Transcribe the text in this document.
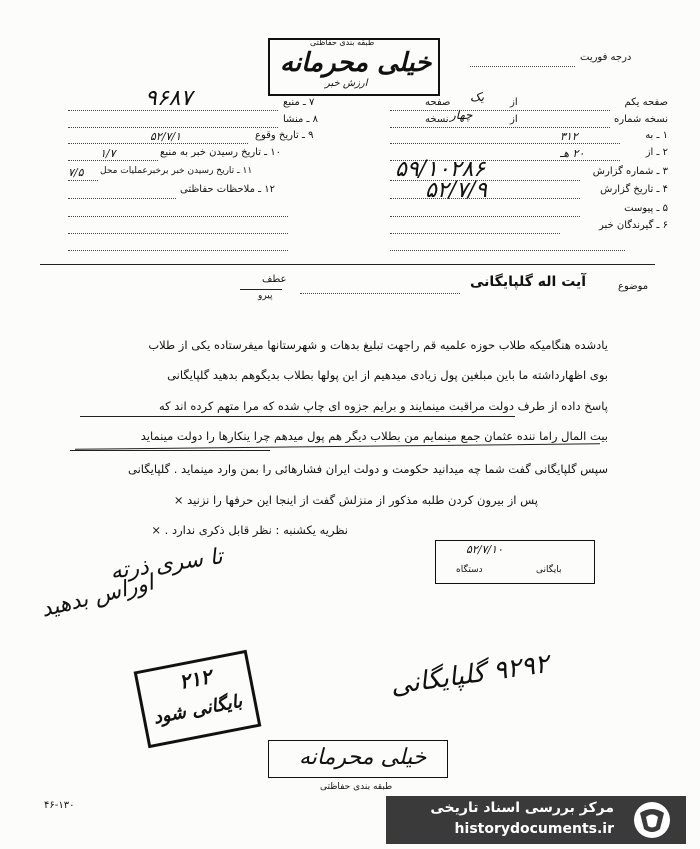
طبقه بندی حفاظتی
خیلی محرمانه
ارزش خبر
درجه فوریت
صفحه یکم
از
یک
صفحه
نسخه شماره
از
چهار
نسخه
۱ ـ به
۳۱۲
۲ ـ از
۲۰ هـ
۳ ـ شماره گزارش
۵۹/۱۰۲۸۶
۴ ـ تاریخ گزارش
۵۲/۷/۹
۵ ـ پیوست
۶ ـ گیرندگان خبر
۷ ـ منبع
۹۶۸۷
۸ ـ منشا
۹ ـ تاریخ وقوع
۵۲/۷/۱
۱۰ ـ تاریخ رسیدن خبر به منبع
۱/۷
۱۱ ـ تاریخ رسیدن خبر برخبرعملیات محل
۷/۵
۱۲ ـ ملاحظات حفاظتی
موضوع
آیت اله گلپایگانی
عطف
پیرو
یادشده هنگامیکه طلاب حوزه علمیه قم راجهت تبلیغ بدهات و شهرستانها میفرستاده یکی از طلاب
بوی اظهارداشته ما باین مبلغین پول زیادی میدهیم از این پولها بطلاب بدیگوهم بدهید گلپایگانی
پاسخ داده از طرف دولت مراقبت مینمایند و برایم جزوه ای چاپ شده که مرا متهم کرده اند که
بیت المال راما ننده عثمان جمع مینمایم من بطلاب دیگر هم پول میدهم چرا ینکارها را دولت مینماید
سپس گلپایگانی گفت شما چه میدانید حکومت و دولت ایران فشارهائی را بمن وارد مینماید . گلپایگانی
پس از بیرون کردن طلبه مذکور از منزلش گفت از اینجا این حرفها را نزنید ×
نظریه یکشنبه : نظر قابل ذکری ندارد . ×
۵۲/۷/۱۰
بایگانی
دستگاه
تا سری ذرته
اوراس بدهید
۹۲۹۲ گلپایگانی
۲۱۲
بایگانی شود
خیلی محرمانه
طبقه بندی حفاظتی
۴۶-۱۳۰	مرکز بررسی اسناد تاریخی
historydocuments.ir
